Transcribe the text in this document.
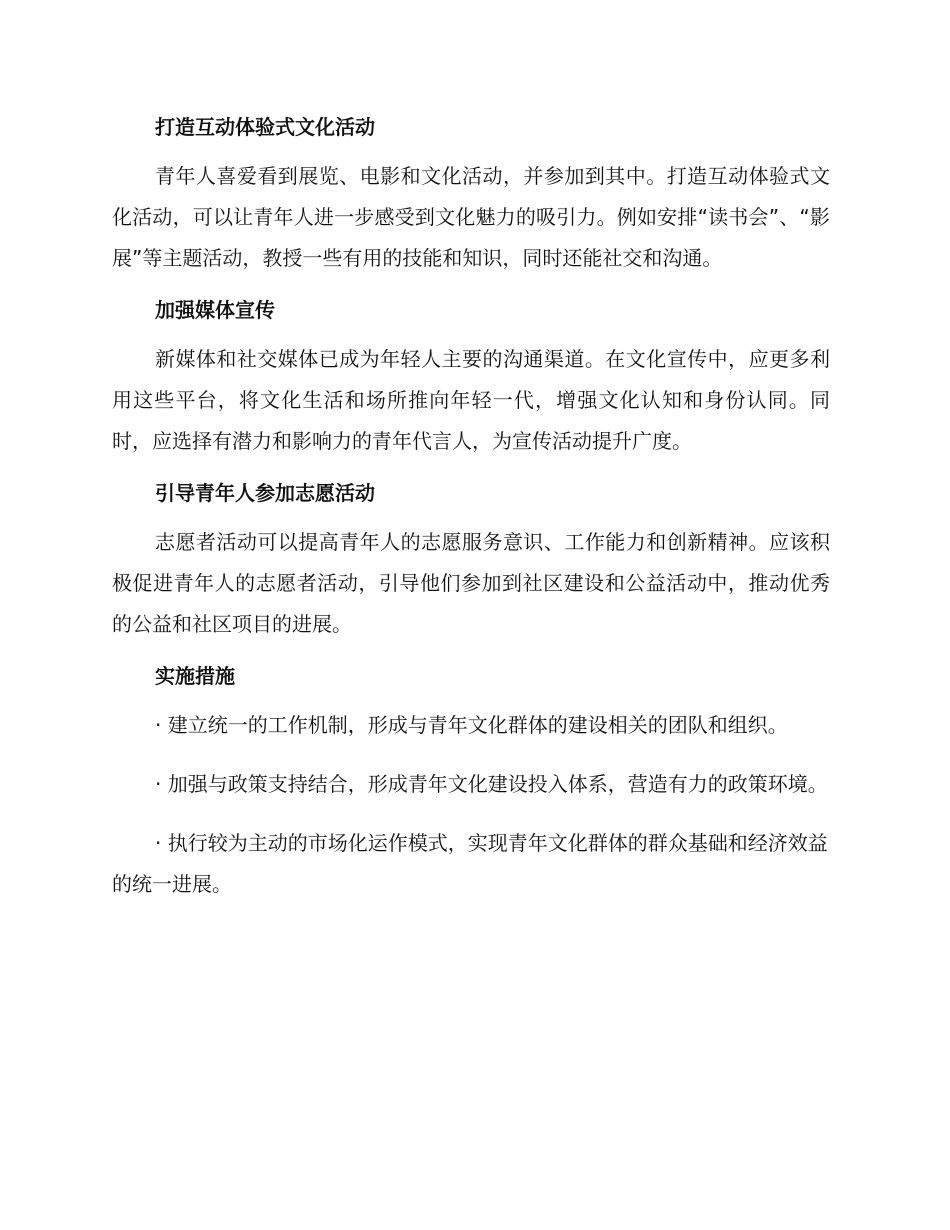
打造互动体验式文化活动

青年人喜爱看到展览、电影和文化活动，并参加到其中。打造互动体验式文化活动，可以让青年人进一步感受到文化魅力的吸引力。例如安排“读书会”、“影展”等主题活动，教授一些有用的技能和知识，同时还能社交和沟通。

加强媒体宣传

新媒体和社交媒体已成为年轻人主要的沟通渠道。在文化宣传中，应更多利用这些平台，将文化生活和场所推向年轻一代，增强文化认知和身份认同。同时，应选择有潜力和影响力的青年代言人，为宣传活动提升广度。

引导青年人参加志愿活动

志愿者活动可以提高青年人的志愿服务意识、工作能力和创新精神。应该积极促进青年人的志愿者活动，引导他们参加到社区建设和公益活动中，推动优秀的公益和社区项目的进展。

实施措施

· 建立统一的工作机制，形成与青年文化群体的建设相关的团队和组织。

· 加强与政策支持结合，形成青年文化建设投入体系，营造有力的政策环境。

· 执行较为主动的市场化运作模式，实现青年文化群体的群众基础和经济效益的统一进展。
